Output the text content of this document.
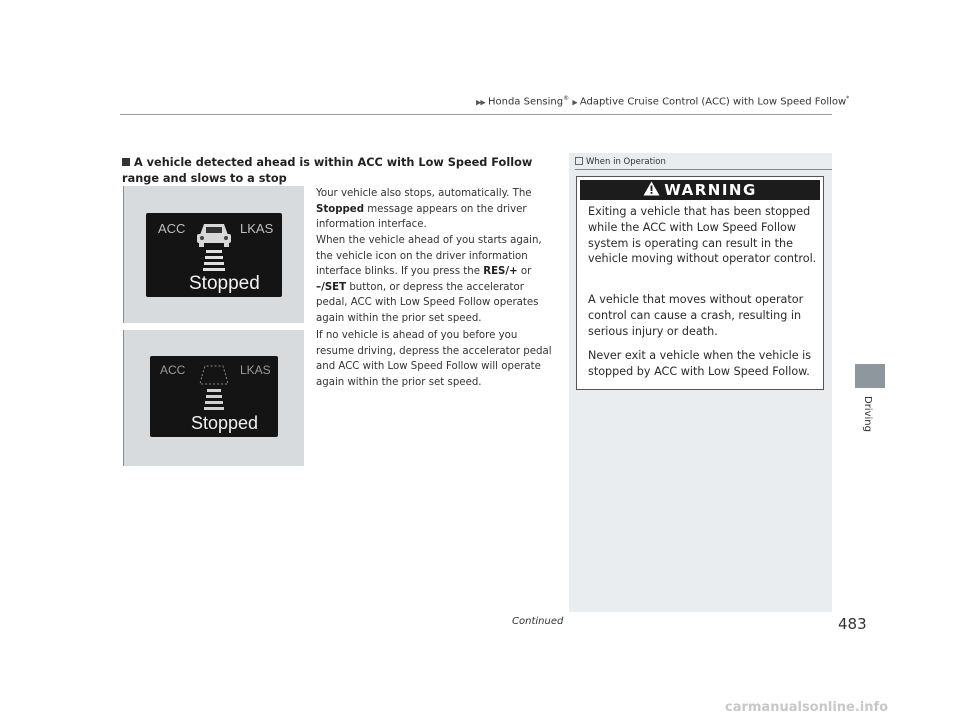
▶▶ Honda Sensing® ▶ Adaptive Cruise Control (ACC) with Low Speed Follow*
A vehicle detected ahead is within ACC with Low Speed Follow range and slows to a stop
ACC	LKAS
Stopped
ACC	LKAS
Stopped
Your vehicle also stops, automatically. The Stopped message appears on the driver information interface.
When the vehicle ahead of you starts again, the vehicle icon on the driver information interface blinks. If you press the RES/+ or –/SET button, or depress the accelerator pedal, ACC with Low Speed Follow operates again within the prior set speed.
If no vehicle is ahead of you before you resume driving, depress the accelerator pedal and ACC with Low Speed Follow will operate again within the prior set speed.
When in Operation
WARNING
Exiting a vehicle that has been stopped while the ACC with Low Speed Follow system is operating can result in the vehicle moving without operator control.
A vehicle that moves without operator control can cause a crash, resulting in serious injury or death.
Never exit a vehicle when the vehicle is stopped by ACC with Low Speed Follow.
Driving
Continued	483
carmanualsonline.info
